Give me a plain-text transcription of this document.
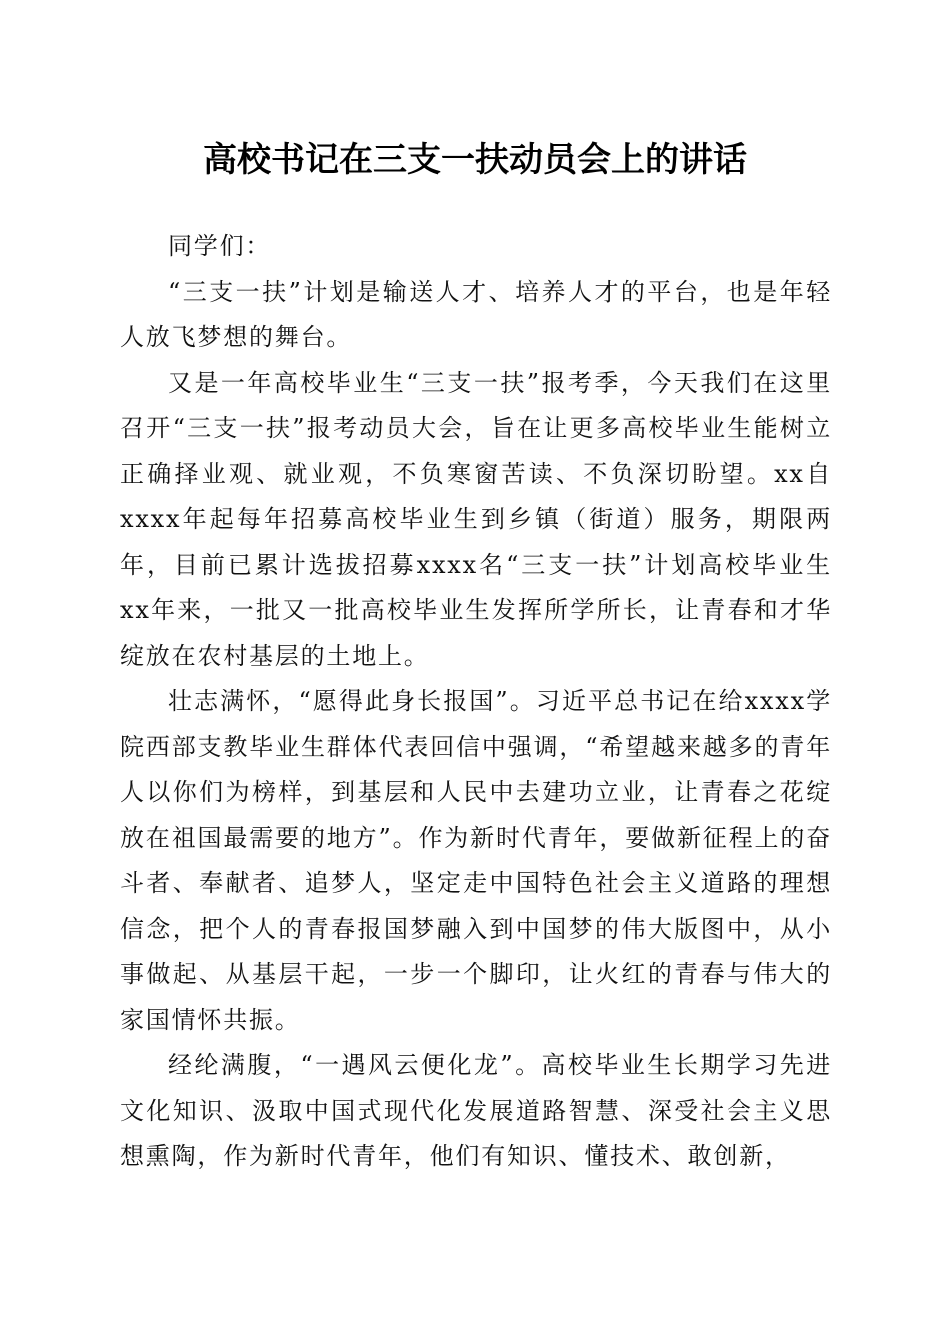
高校书记在三支一扶动员会上的讲话

同学们：

“三支一扶”计划是输送人才、培养人才的平台，也是年轻人放飞梦想的舞台。

又是一年高校毕业生“三支一扶”报考季，今天我们在这里召开“三支一扶”报考动员大会，旨在让更多高校毕业生能树立正确择业观、就业观，不负寒窗苦读、不负深切盼望。xx自xxxx年起每年招募高校毕业生到乡镇（街道）服务，期限两年，目前已累计选拔招募xxxx名“三支一扶”计划高校毕业生xx年来，一批又一批高校毕业生发挥所学所长，让青春和才华绽放在农村基层的土地上。

壮志满怀，“愿得此身长报国”。习近平总书记在给xxxx学院西部支教毕业生群体代表回信中强调，“希望越来越多的青年人以你们为榜样，到基层和人民中去建功立业，让青春之花绽放在祖国最需要的地方”。作为新时代青年，要做新征程上的奋斗者、奉献者、追梦人，坚定走中国特色社会主义道路的理想信念，把个人的青春报国梦融入到中国梦的伟大版图中，从小事做起、从基层干起，一步一个脚印，让火红的青春与伟大的家国情怀共振。

经纶满腹，“一遇风云便化龙”。高校毕业生长期学习先进文化知识、汲取中国式现代化发展道路智慧、深受社会主义思想熏陶，作为新时代青年，他们有知识、懂技术、敢创新，
